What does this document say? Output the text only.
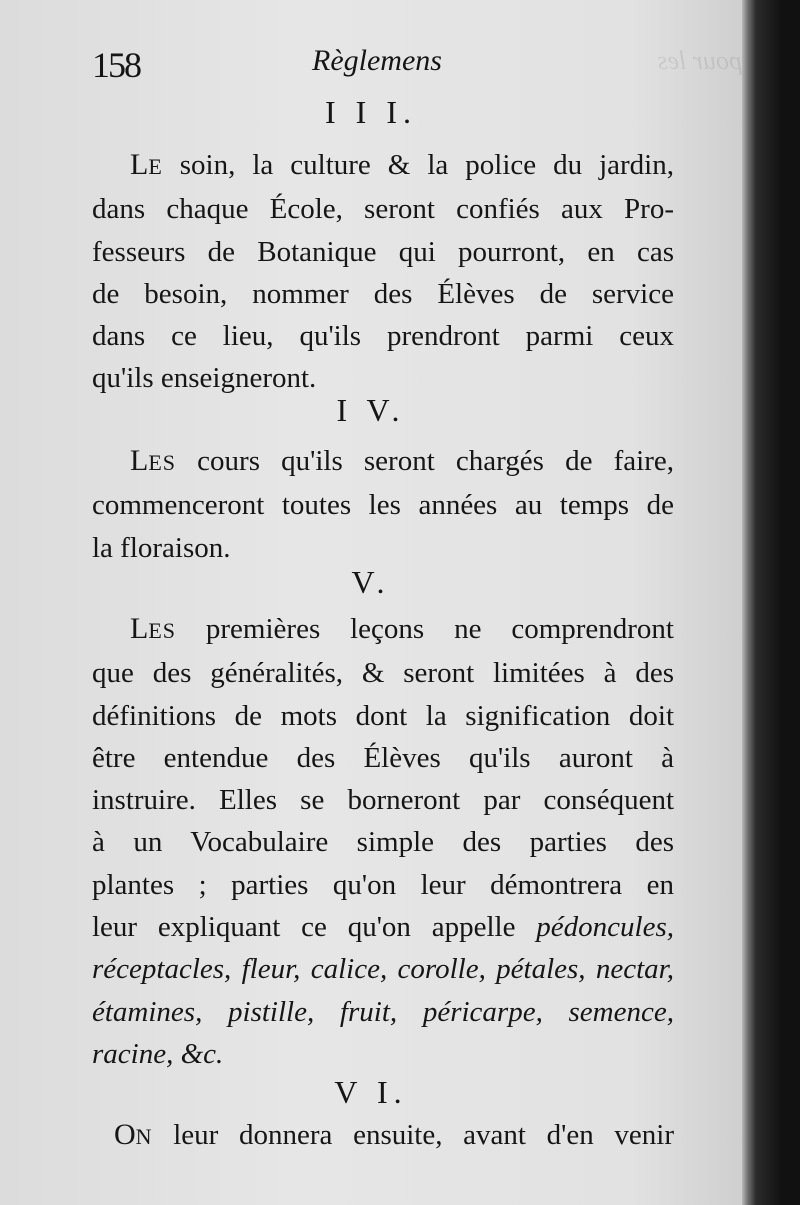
pour les
158	Règlemens
I I I.
LE soin, la culture & la police du jardin,
dans chaque École, seront confiés aux Pro-
fesseurs de Botanique qui pourront, en cas
de besoin, nommer des Élèves de service
dans ce lieu, qu'ils prendront parmi ceux
qu'ils enseigneront.
I V.
LES cours qu'ils seront chargés de faire,
commenceront toutes les années au temps de
la floraison.
V.
LES premières leçons ne comprendront
que des généralités, & seront limitées à des
définitions de mots dont la signification doit
être entendue des Élèves qu'ils auront à
instruire. Elles se borneront par conséquent
à un Vocabulaire simple des parties des
plantes ; parties qu'on leur démontrera en
leur expliquant ce qu'on appelle pédoncules,
réceptacles, fleur, calice, corolle, pétales, nectar,
étamines, pistille, fruit, péricarpe, semence,
racine, &c.
V I.
ON leur donnera ensuite, avant d'en venir
